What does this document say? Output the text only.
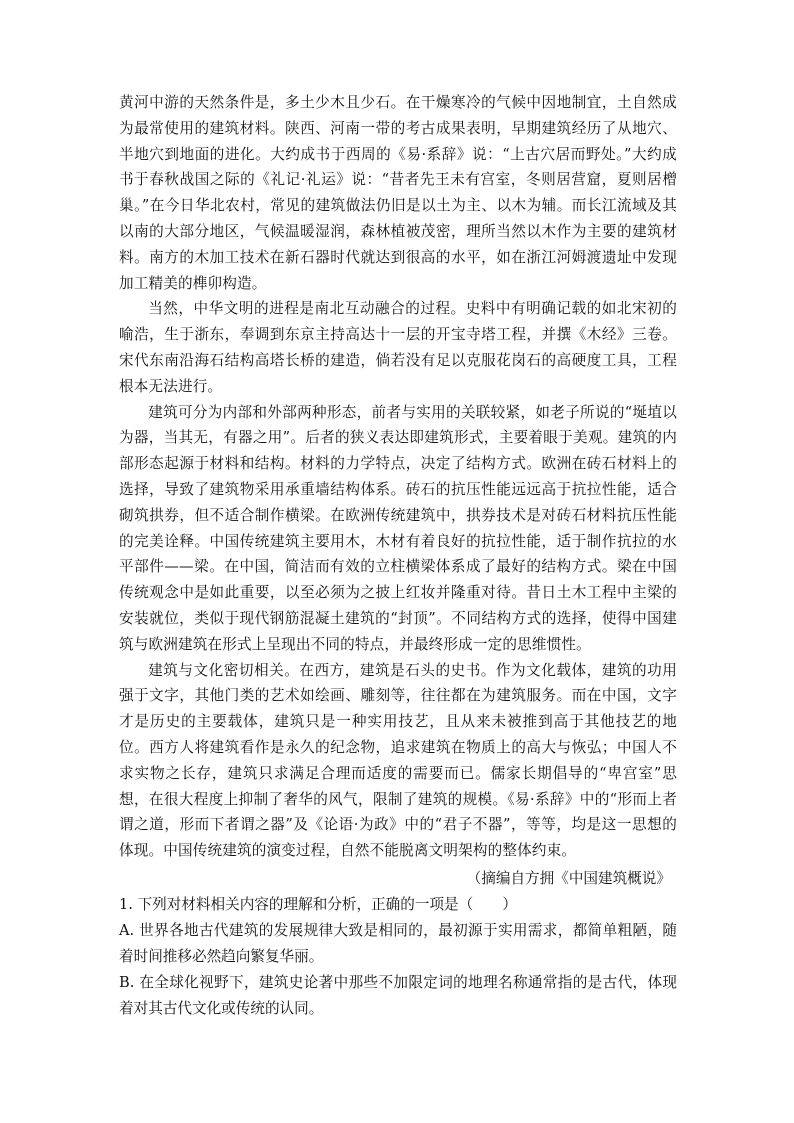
黄河中游的天然条件是，多土少木且少石。在干燥寒冷的气候中因地制宜，土自然成为最常使用的建筑材料。陕西、河南一带的考古成果表明，早期建筑经历了从地穴、半地穴到地面的进化。大约成书于西周的《易·系辞》说：“上古穴居而野处。”大约成书于春秋战国之际的《礼记·礼运》说：“昔者先王未有宫室，冬则居营窟，夏则居橧巢。”在今日华北农村，常见的建筑做法仍旧是以土为主、以木为辅。而长江流域及其以南的大部分地区，气候温暖湿润，森林植被茂密，理所当然以木作为主要的建筑材料。南方的木加工技术在新石器时代就达到很高的水平，如在浙江河姆渡遗址中发现加工精美的榫卯构造。

当然，中华文明的进程是南北互动融合的过程。史料中有明确记载的如北宋初的喻浩，生于浙东，奉调到东京主持高达十一层的开宝寺塔工程，并撰《木经》三卷。宋代东南沿海石结构高塔长桥的建造，倘若没有足以克服花岗石的高硬度工具，工程根本无法进行。

建筑可分为内部和外部两种形态，前者与实用的关联较紧，如老子所说的“埏埴以为器，当其无，有器之用”。后者的狭义表达即建筑形式，主要着眼于美观。建筑的内部形态起源于材料和结构。材料的力学特点，决定了结构方式。欧洲在砖石材料上的选择，导致了建筑物采用承重墙结构体系。砖石的抗压性能远远高于抗拉性能，适合砌筑拱券，但不适合制作横梁。在欧洲传统建筑中，拱券技术是对砖石材料抗压性能的完美诠释。中国传统建筑主要用木，木材有着良好的抗拉性能，适于制作抗拉的水平部件——梁。在中国，简洁而有效的立柱横梁体系成了最好的结构方式。梁在中国传统观念中是如此重要，以至必须为之披上红妆并隆重对待。昔日土木工程中主梁的安装就位，类似于现代钢筋混凝土建筑的“封顶”。不同结构方式的选择，使得中国建筑与欧洲建筑在形式上呈现出不同的特点，并最终形成一定的思维惯性。

建筑与文化密切相关。在西方，建筑是石头的史书。作为文化载体，建筑的功用强于文字，其他门类的艺术如绘画、雕刻等，往往都在为建筑服务。而在中国，文字才是历史的主要载体，建筑只是一种实用技艺，且从来未被推到高于其他技艺的地位。西方人将建筑看作是永久的纪念物，追求建筑在物质上的高大与恢弘；中国人不求实物之长存，建筑只求满足合理而适度的需要而已。儒家长期倡导的“卑宫室”思想，在很大程度上抑制了奢华的风气，限制了建筑的规模。《易·系辞》中的“形而上者谓之道，形而下者谓之器”及《论语·为政》中的“君子不器”，等等，均是这一思想的体现。中国传统建筑的演变过程，自然不能脱离文明架构的整体约束。

（摘编自方拥《中国建筑概说》

1. 下列对材料相关内容的理解和分析，正确的一项是（　　）

A. 世界各地古代建筑的发展规律大致是相同的，最初源于实用需求，都简单粗陋，随着时间推移必然趋向繁复华丽。

B. 在全球化视野下，建筑史论著中那些不加限定词的地理名称通常指的是古代，体现着对其古代文化或传统的认同。
